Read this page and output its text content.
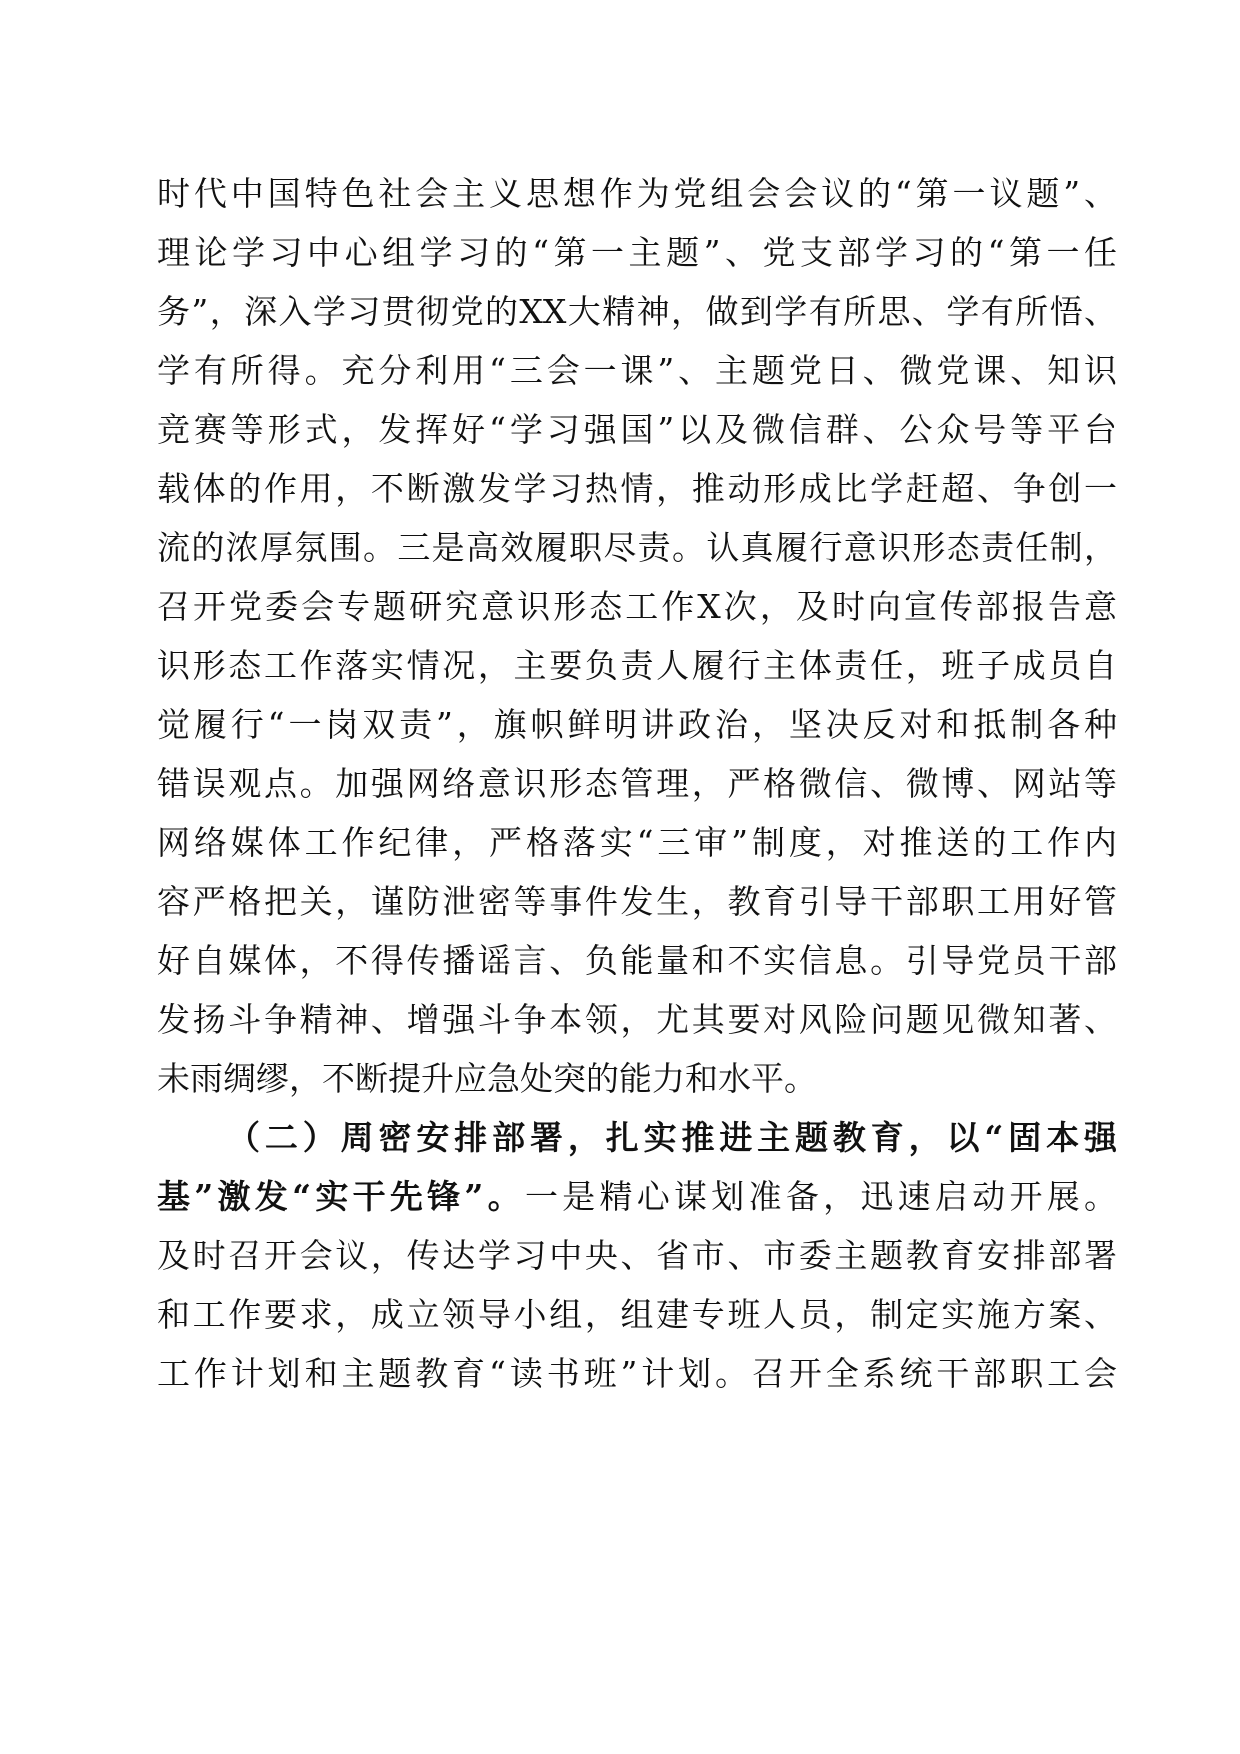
时代中国特色社会主义思想作为党组会会议的“第一议题”、
理论学习中心组学习的“第一主题”、党支部学习的“第一任
务”，深入学习贯彻党的XX大精神，做到学有所思、学有所悟、
学有所得。充分利用“三会一课”、主题党日、微党课、知识
竞赛等形式，发挥好“学习强国”以及微信群、公众号等平台
载体的作用，不断激发学习热情，推动形成比学赶超、争创一
流的浓厚氛围。三是高效履职尽责。认真履行意识形态责任制，
召开党委会专题研究意识形态工作X次，及时向宣传部报告意
识形态工作落实情况，主要负责人履行主体责任，班子成员自
觉履行“一岗双责”，旗帜鲜明讲政治，坚决反对和抵制各种
错误观点。加强网络意识形态管理，严格微信、微博、网站等
网络媒体工作纪律，严格落实“三审”制度，对推送的工作内
容严格把关，谨防泄密等事件发生，教育引导干部职工用好管
好自媒体，不得传播谣言、负能量和不实信息。引导党员干部
发扬斗争精神、增强斗争本领，尤其要对风险问题见微知著、
未雨绸缪，不断提升应急处突的能力和水平。
（二）周密安排部署，扎实推进主题教育，以“固本强
基”激发“实干先锋”。一是精心谋划准备，迅速启动开展。
及时召开会议，传达学习中央、省市、市委主题教育安排部署
和工作要求，成立领导小组，组建专班人员，制定实施方案、
工作计划和主题教育“读书班”计划。召开全系统干部职工会
